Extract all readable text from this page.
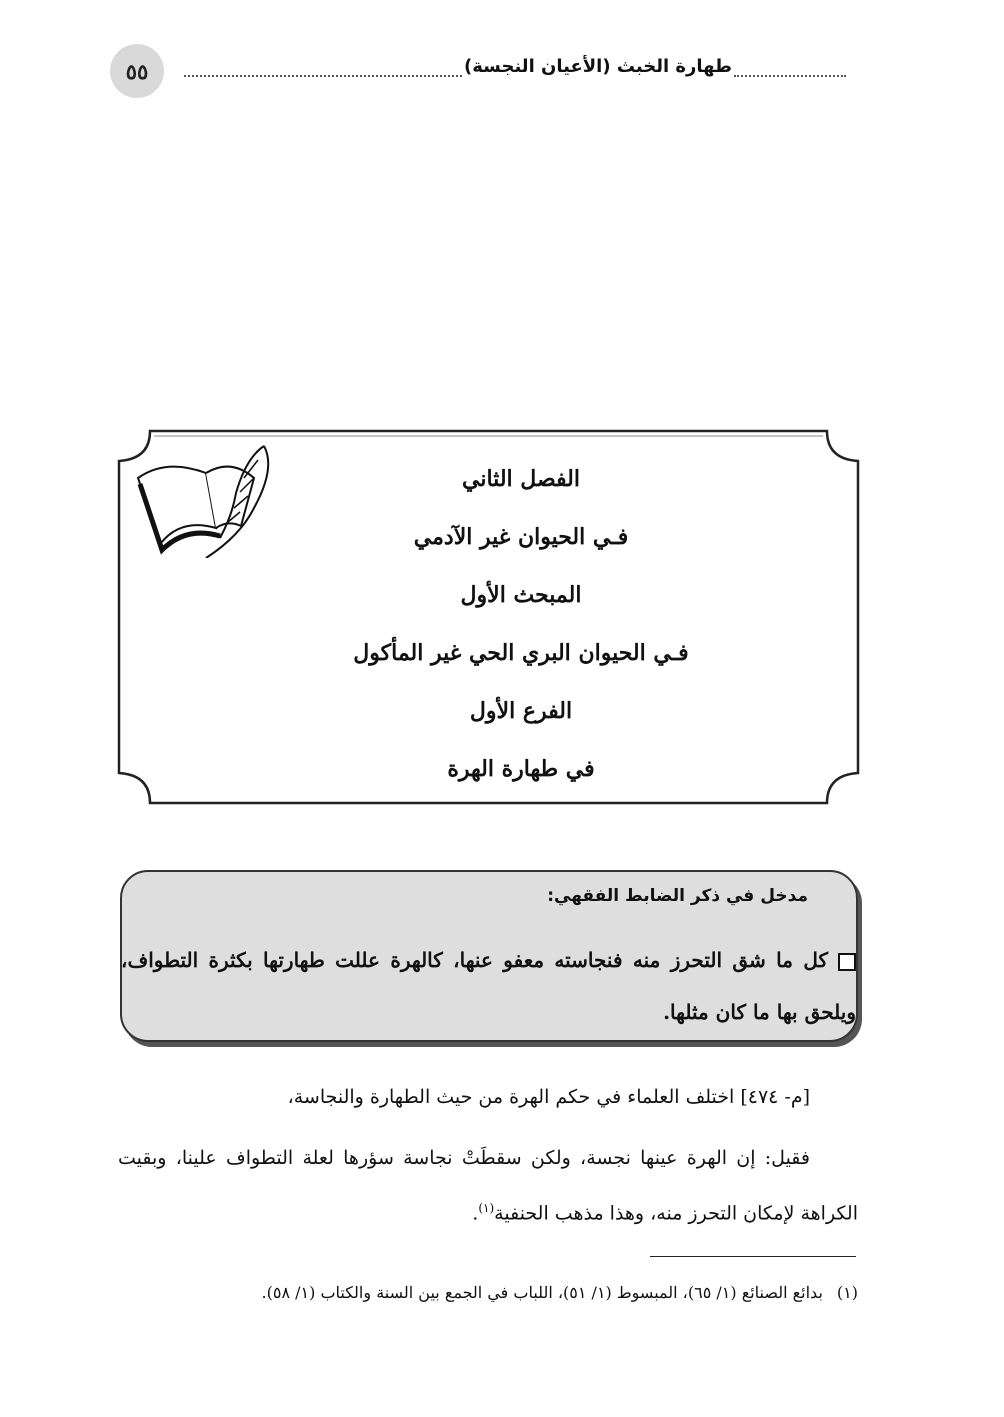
٥٥	طهارة الخبث (الأعيان النجسة)
الفصل الثاني
فـي الحيوان غير الآدمي
المبحث الأول
فـي الحيوان البري الحي غير المأكول
الفرع الأول
في طهارة الهرة
مدخل في ذكر الضابط الفقهي:
كل ما شق التحرز منه فنجاسته معفو عنها، كالهرة عللت طهارتها بكثرة التطواف، ويلحق بها ما كان مثلها.
[م- ٤٧٤] اختلف العلماء في حكم الهرة من حيث الطهارة والنجاسة،
فقيل: إن الهرة عينها نجسة، ولكن سقطَتْ نجاسة سؤرها لعلة التطواف علينا، وبقيت الكراهة لإمكان التحرز منه، وهذا مذهب الحنفية$^{(١)}$.
(١)بدائع الصنائع (١/ ٦٥)، المبسوط (١/ ٥١)، اللباب في الجمع بين السنة والكتاب (١/ ٥٨).
